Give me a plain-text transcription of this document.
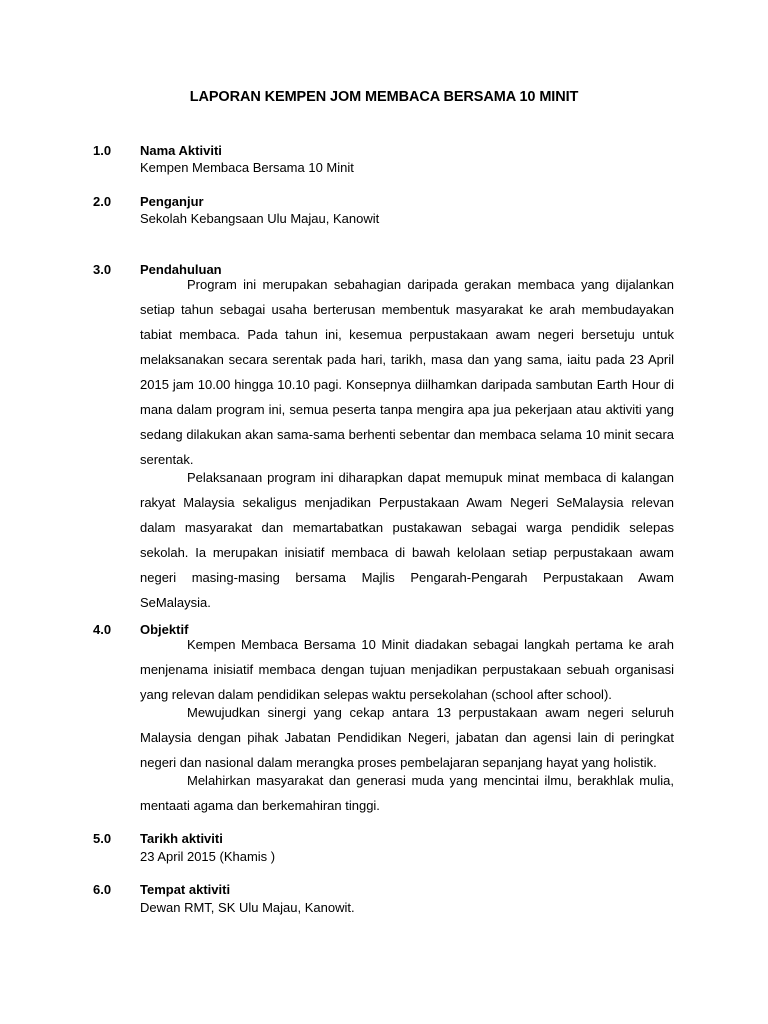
LAPORAN KEMPEN JOM MEMBACA BERSAMA 10 MINIT
1.0 Nama Aktiviti
Kempen Membaca Bersama 10 Minit
2.0 Penganjur
Sekolah Kebangsaan Ulu Majau, Kanowit
3.0 Pendahuluan

Program ini merupakan sebahagian daripada gerakan membaca yang dijalankan setiap tahun sebagai usaha berterusan membentuk masyarakat ke arah membudayakan tabiat membaca. Pada tahun ini, kesemua perpustakaan awam negeri bersetuju untuk melaksanakan secara serentak pada hari, tarikh, masa dan yang sama, iaitu pada 23 April 2015 jam 10.00 hingga 10.10 pagi. Konsepnya diilhamkan daripada sambutan Earth Hour di mana dalam program ini, semua peserta tanpa mengira apa jua pekerjaan atau aktiviti yang sedang dilakukan akan sama-sama berhenti sebentar dan membaca selama 10 minit secara serentak.

Pelaksanaan program ini diharapkan dapat memupuk minat membaca di kalangan rakyat Malaysia sekaligus menjadikan Perpustakaan Awam Negeri SeMalaysia relevan dalam masyarakat dan memartabatkan pustakawan sebagai warga pendidik selepas sekolah. Ia merupakan inisiatif membaca di bawah kelolaan setiap perpustakaan awam negeri masing-masing bersama Majlis Pengarah-Pengarah Perpustakaan Awam SeMalaysia.

4.0 Objektif

Kempen Membaca Bersama 10 Minit diadakan sebagai langkah pertama ke arah menjenama inisiatif membaca dengan tujuan menjadikan perpustakaan sebuah organisasi yang relevan dalam pendidikan selepas waktu persekolahan (school after school).

Mewujudkan sinergi yang cekap antara 13 perpustakaan awam negeri seluruh Malaysia dengan pihak Jabatan Pendidikan Negeri, jabatan dan agensi lain di peringkat negeri dan nasional dalam merangka proses pembelajaran sepanjang hayat yang holistik.

Melahirkan masyarakat dan generasi muda yang mencintai ilmu, berakhlak mulia, mentaati agama dan berkemahiran tinggi.

5.0 Tarikh aktiviti
23 April 2015 (Khamis )
6.0 Tempat aktiviti
Dewan RMT, SK Ulu Majau, Kanowit.
